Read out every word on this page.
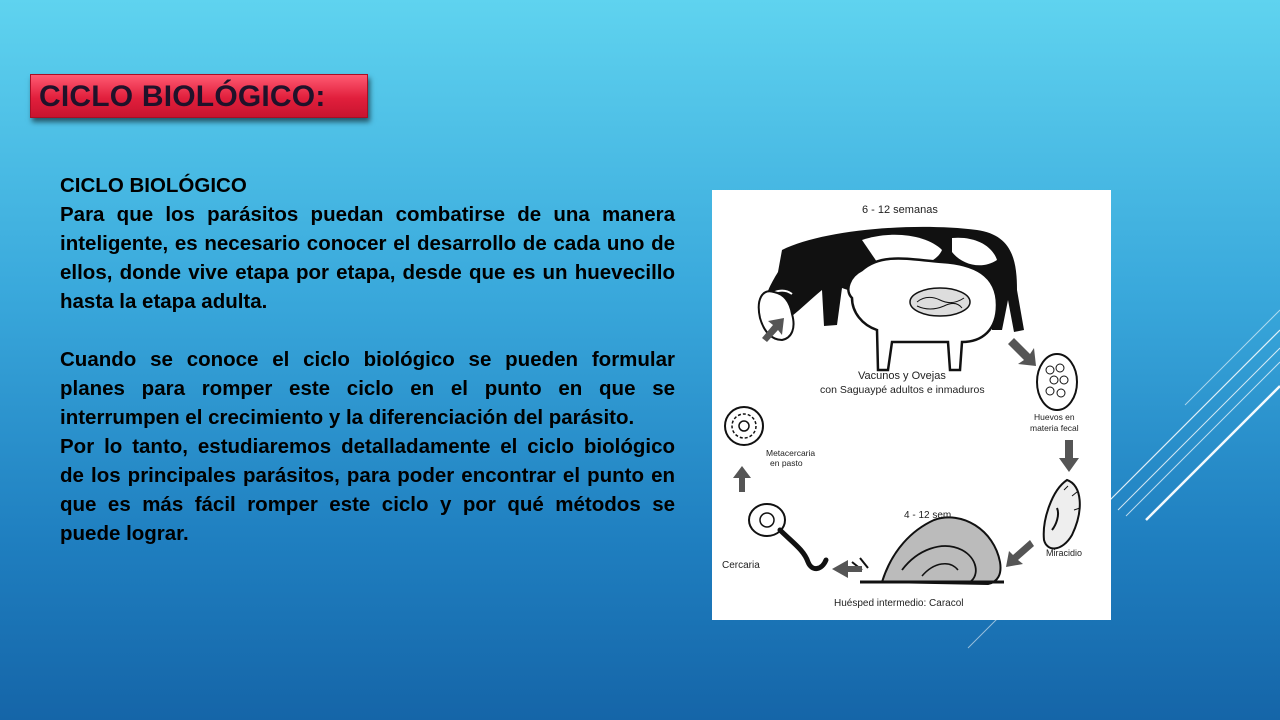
CICLO BIOLÓGICO:

CICLO BIOLÓGICO

Para que los parásitos puedan combatirse de una manera inteligente, es necesario conocer el desarrollo de cada uno de ellos, donde vive etapa por etapa, desde que es un huevecillo hasta la etapa adulta.

Cuando se conoce el ciclo biológico se pueden formular planes para romper este ciclo en el punto en que se interrumpen el crecimiento y la diferenciación del parásito.

Por lo tanto, estudiaremos detalladamente el ciclo biológico de los principales parásitos, para poder encontrar el punto en que es más fácil romper este ciclo y por qué métodos se puede lograr.

6 - 12 semanas
Vacunos y Ovejas
con Saguaypé adultos e inmaduros
Huevos en
materia fecal
Miracidio
4 - 12 sem
Huésped intermedio: Caracol
Cercaria
Metacercaria
en pasto
